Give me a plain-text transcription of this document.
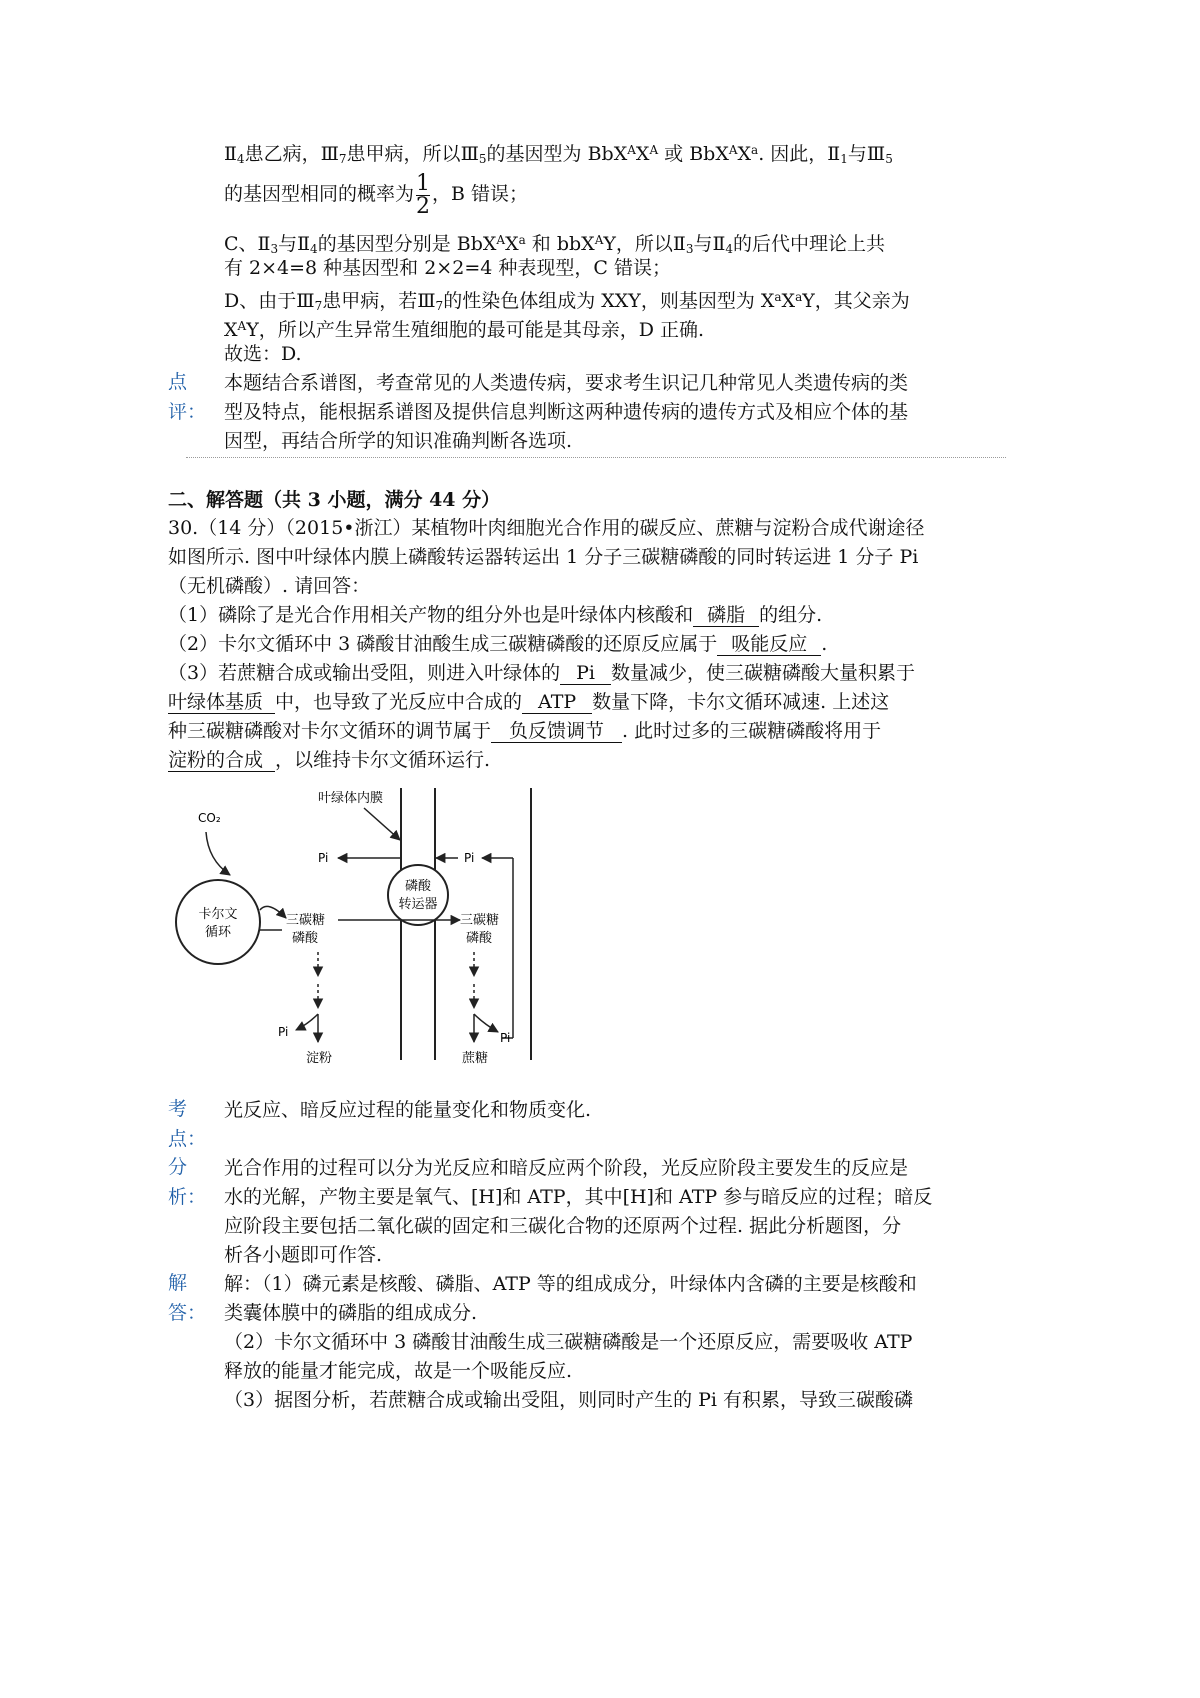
$Ⅱ_4$患乙病，$Ⅲ_7$患甲病，所以$Ⅲ_5$的基因型为 $BbX^AX^A$ 或 $BbX^AX^a$. 因此，$Ⅱ_1$与$Ⅲ_5$
的基因型相同的概率为 $\frac{1}{2}$ ，B 错误；
C、$Ⅱ_3$与$Ⅱ_4$的基因型分别是 $BbX^AX^a$ 和 bbX$^A$Y，所以$Ⅱ_3$与$Ⅱ_4$的后代中理论上共
有 2×4=8 种基因型和 2×2=4 种表现型，C 错误；
D、由于$Ⅲ_7$患甲病，若$Ⅲ_7$的性染色体组成为 XXY，则基因型为 $X^aX^aY$，其父亲为
$X^AY$，所以产生异常生殖细胞的最可能是其母亲，D 正确.
故选：D.
点
评：
本题结合系谱图，考查常见的人类遗传病，要求考生识记几种常见人类遗传病的类
型及特点，能根据系谱图及提供信息判断这两种遗传病的遗传方式及相应个体的基
因型，再结合所学的知识准确判断各选项.
二、解答题（共 3 小题，满分 44 分）
30.（14 分）（2015•浙江）某植物叶肉细胞光合作用的碳反应、蔗糖与淀粉合成代谢途径
如图所示. 图中叶绿体内膜上磷酸转运器转运出 1 分子三碳糖磷酸的同时转运进 1 分子 Pi
（无机磷酸）. 请回答：
（1）磷除了是光合作用相关产物的组分外也是叶绿体内核酸和 磷脂 的组分.
（2）卡尔文循环中 3 磷酸甘油酸生成三碳糖磷酸的还原反应属于 吸能反应 .
（3）若蔗糖合成或输出受阻，则进入叶绿体的 Pi 数量减少，使三碳糖磷酸大量积累于
叶绿体基质 中，也导致了光反应中合成的 ATP 数量下降，卡尔文循环减速. 上述这
种三碳糖磷酸对卡尔文循环的调节属于 负反馈调节 . 此时过多的三碳糖磷酸将用于
淀粉的合成 ，以维持卡尔文循环运行.
叶绿体内膜
CO₂
卡尔文
循环
磷酸
转运器
Pi	Pi
三碳糖
磷酸
三碳糖
磷酸
Pi
淀粉
Pi
蔗糖
考
点：
光反应、暗反应过程的能量变化和物质变化.
分
析：
光合作用的过程可以分为光反应和暗反应两个阶段，光反应阶段主要发生的反应是
水的光解，产物主要是氧气、[H]和 ATP，其中[H]和 ATP 参与暗反应的过程；暗反
应阶段主要包括二氧化碳的固定和三碳化合物的还原两个过程. 据此分析题图，分
析各小题即可作答.
解
答：
解：（1）磷元素是核酸、磷脂、ATP 等的组成成分，叶绿体内含磷的主要是核酸和
类囊体膜中的磷脂的组成成分.
（2）卡尔文循环中 3 磷酸甘油酸生成三碳糖磷酸是一个还原反应，需要吸收 ATP
释放的能量才能完成，故是一个吸能反应.
（3）据图分析，若蔗糖合成或输出受阻，则同时产生的 Pi 有积累，导致三碳酸磷
